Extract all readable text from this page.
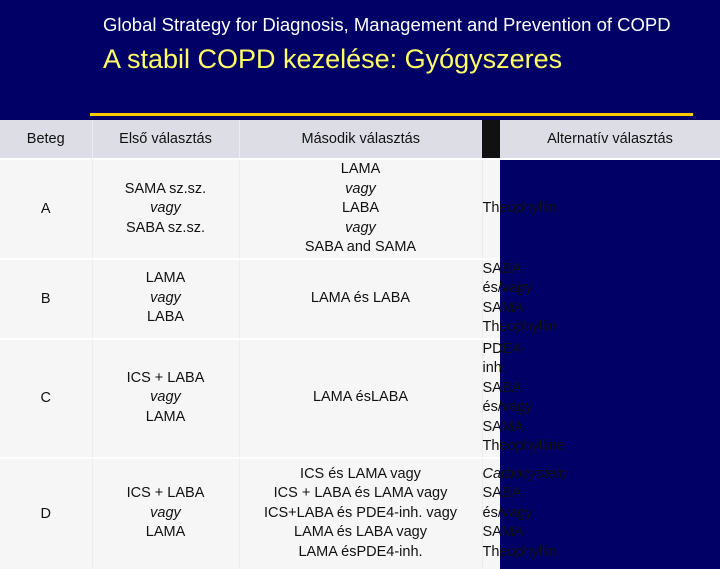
Global Strategy for Diagnosis, Management and Prevention of COPD
A stabil COPD kezelése: Gyógyszeres
Beteg	Első választás	Második választás		Alternatív választás
A	SAMA sz.sz.
vagy
SABA sz.sz.	LAMA
vagy
LABA
vagy
SABA and SAMA	Theophyllin	

B	LAMA
vagy
LABA	LAMA és LABA	SABA és/vagy SAMA
Theophyllin	

C	ICS + LABA
vagy
LAMA	LAMA ésLABA	PDE4-inh.
SABA és/vagy SAMA
Theophylline	

D	ICS + LABA
vagy
LAMA	ICS és LAMA vagy
ICS + LABA és LAMA vagy
ICS+LABA és PDE4-inh. vagy
LAMA és LABA vagy
LAMA ésPDE4-inh.	Carbocystein
SABA és/vagy SAMA
Theophyllin	
